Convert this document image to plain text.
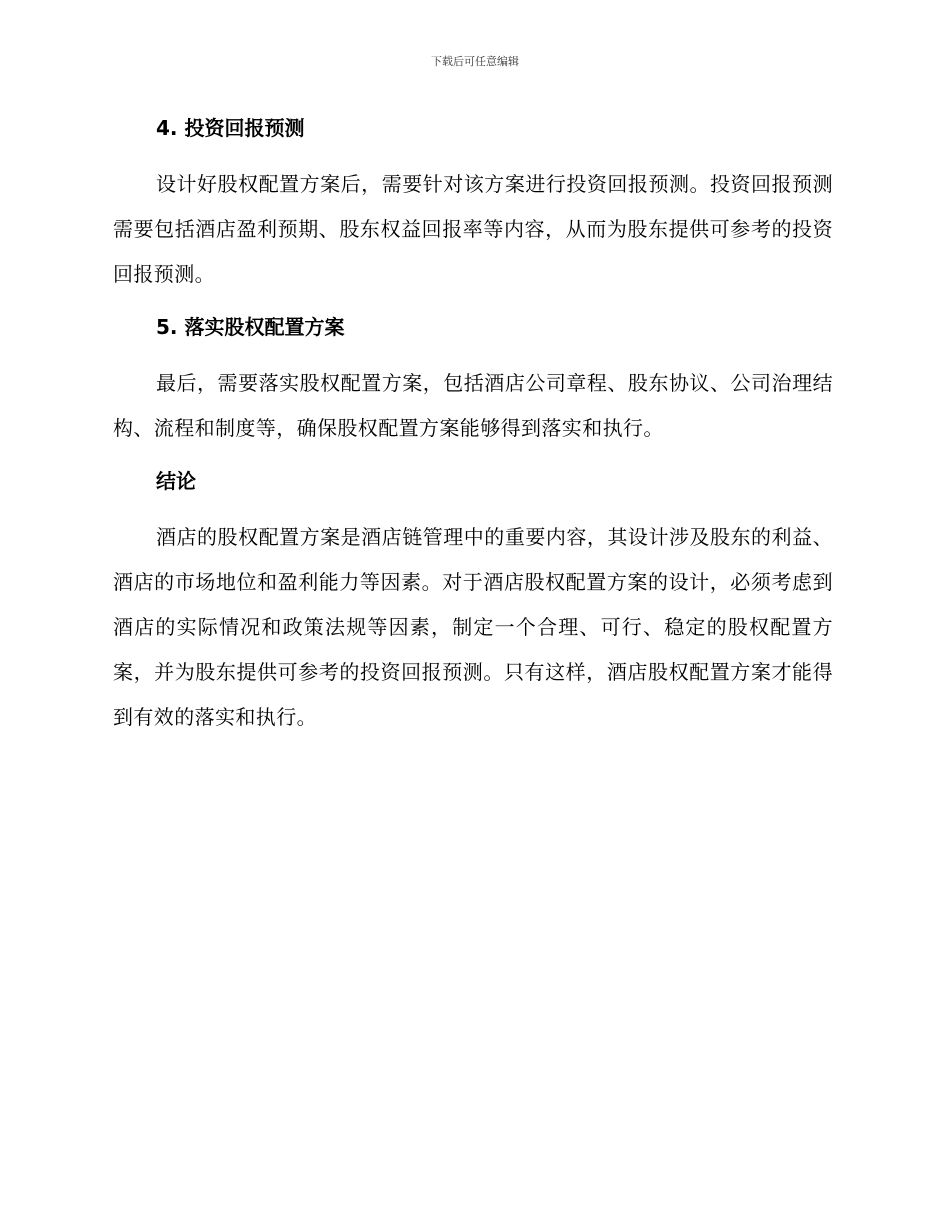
下载后可任意编辑
4. 投资回报预测

设计好股权配置方案后，需要针对该方案进行投资回报预测。投资回报预测需要包括酒店盈利预期、股东权益回报率等内容，从而为股东提供可参考的投资回报预测。

5. 落实股权配置方案

最后，需要落实股权配置方案，包括酒店公司章程、股东协议、公司治理结构、流程和制度等，确保股权配置方案能够得到落实和执行。

结论

酒店的股权配置方案是酒店链管理中的重要内容，其设计涉及股东的利益、酒店的市场地位和盈利能力等因素。对于酒店股权配置方案的设计，必须考虑到酒店的实际情况和政策法规等因素，制定一个合理、可行、稳定的股权配置方案，并为股东提供可参考的投资回报预测。只有这样，酒店股权配置方案才能得到有效的落实和执行。
